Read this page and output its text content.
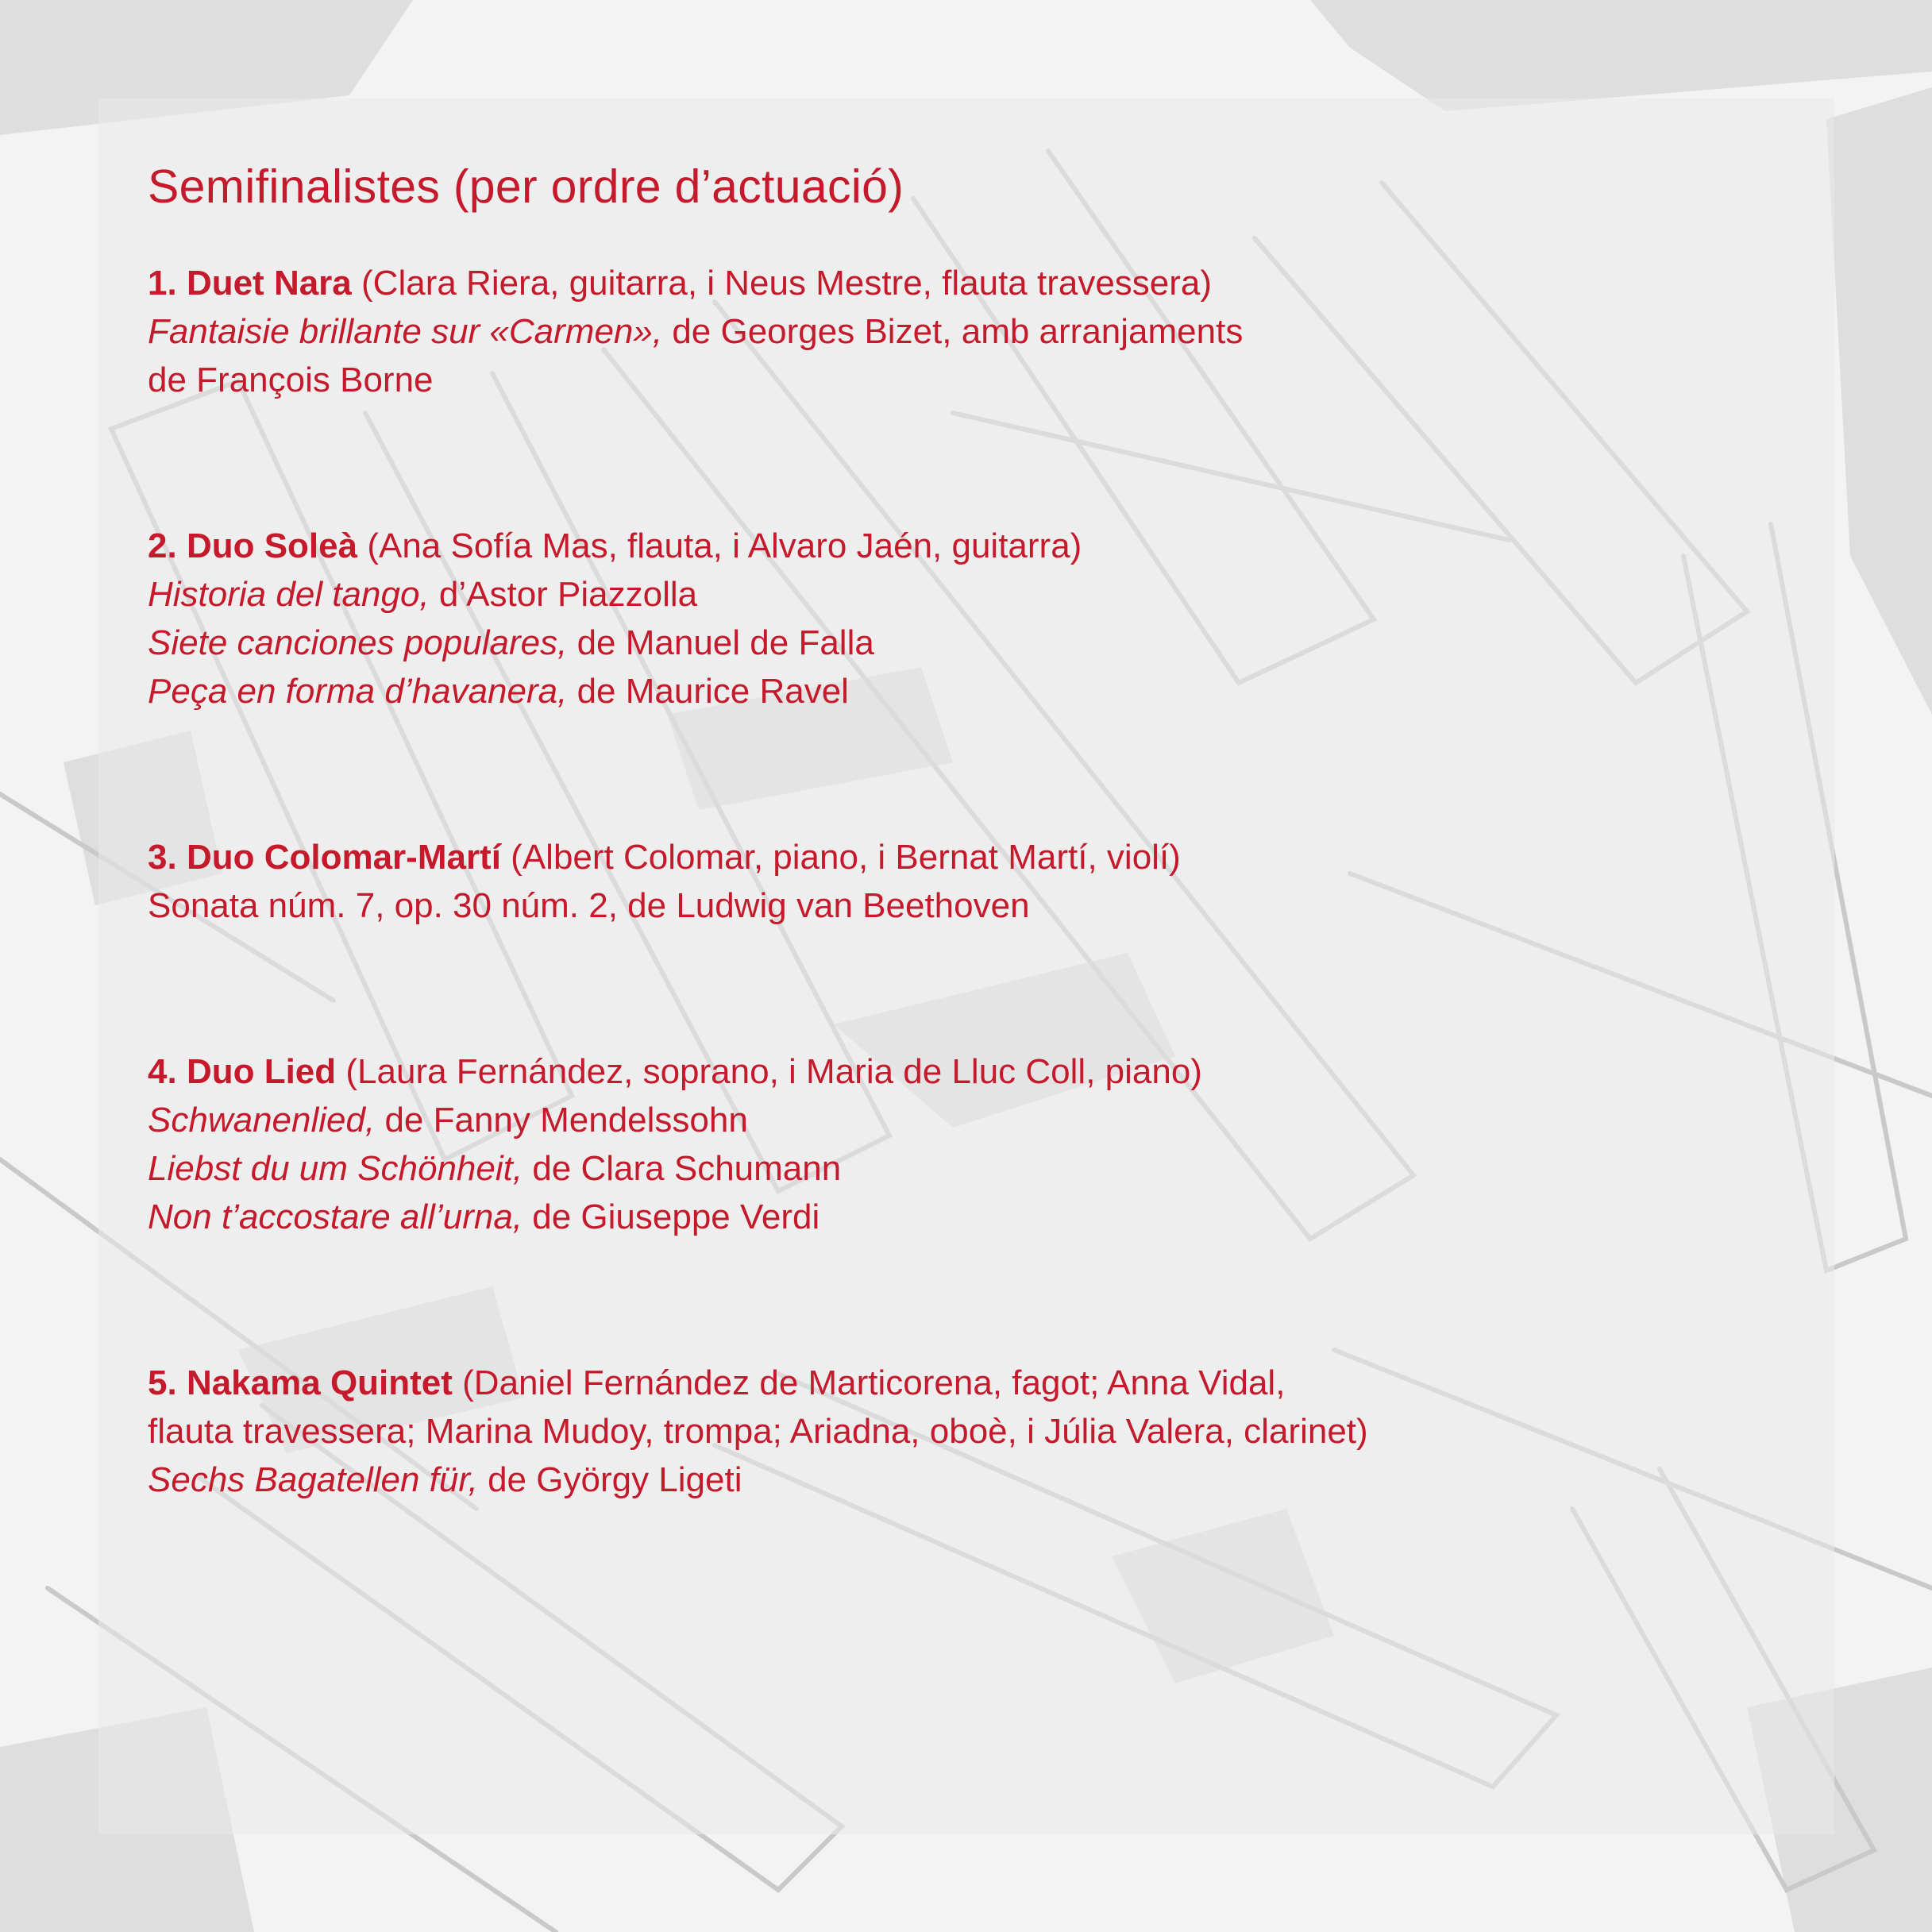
Semifinalistes (per ordre d’actuació)
1. Duet Nara (Clara Riera, guitarra, i Neus Mestre, flauta travessera)
Fantaisie brillante sur «Carmen», de Georges Bizet, amb arranjaments
de François Borne
2. Duo Soleà (Ana Sofía Mas, flauta, i Alvaro Jaén, guitarra)
Historia del tango, d’Astor Piazzolla
Siete canciones populares, de Manuel de Falla
Peça en forma d’havanera, de Maurice Ravel
3. Duo Colomar-Martí (Albert Colomar, piano, i Bernat Martí, violí)
Sonata núm. 7, op. 30 núm. 2, de Ludwig van Beethoven
4. Duo Lied (Laura Fernández, soprano, i Maria de Lluc Coll, piano)
Schwanenlied, de Fanny Mendelssohn
Liebst du um Schönheit, de Clara Schumann
Non t’accostare all’urna, de Giuseppe Verdi
5. Nakama Quintet (Daniel Fernández de Marticorena, fagot; Anna Vidal,
flauta travessera; Marina Mudoy, trompa; Ariadna, oboè, i Júlia Valera, clarinet)
Sechs Bagatellen für, de György Ligeti
